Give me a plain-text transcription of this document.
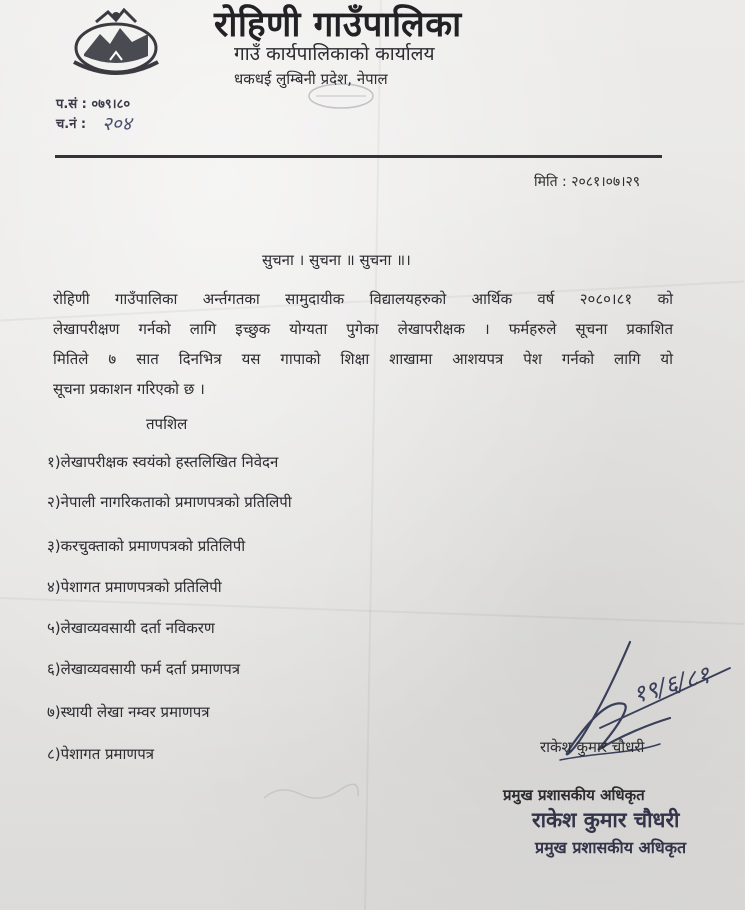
रोहिणी गाउँपालिका
गाउँ कार्यपालिकाको कार्यालय
धकधई लुम्बिनी प्रदेश, नेपाल
प.सं : ०७९।८०
च.नं : २०४
मिति : २०८१।०७।२९
सुचना । सुचना ॥ सुचना ॥।
रोहिणी गाउँपालिका अर्न्तगतका सामुदायीक विद्यालयहरुको आर्थिक वर्ष २०८०।८१ को
लेखापरीक्षण गर्नको लागि इच्छुक योग्यता पुगेका लेखापरीक्षक । फर्महरुले सूचना प्रकाशित
मितिले ७ सात दिनभित्र यस गापाको शिक्षा शाखामा आशयपत्र पेश गर्नको लागि यो
सूचना प्रकाशन गरिएको छ ।
तपशिल
१)लेखापरीक्षक स्वयंको हस्तलिखित निवेदन
२)नेपाली नागरिकताको प्रमाणपत्रको प्रतिलिपी
३)करचुक्ताको प्रमाणपत्रको प्रतिलिपी
४)पेशागत प्रमाणपत्रको प्रतिलिपी
५)लेखाव्यवसायी दर्ता नविकरण
६)लेखाव्यवसायी फर्म दर्ता प्रमाणपत्र
७)स्थायी लेखा नम्वर प्रमाणपत्र
८)पेशागत प्रमाणपत्र
१९/६/८१
राकेश कुमार चौधरी
प्रमुख प्रशासकीय अधिकृत
राकेश कुमार चौधरी
प्रमुख प्रशासकीय अधिकृत
